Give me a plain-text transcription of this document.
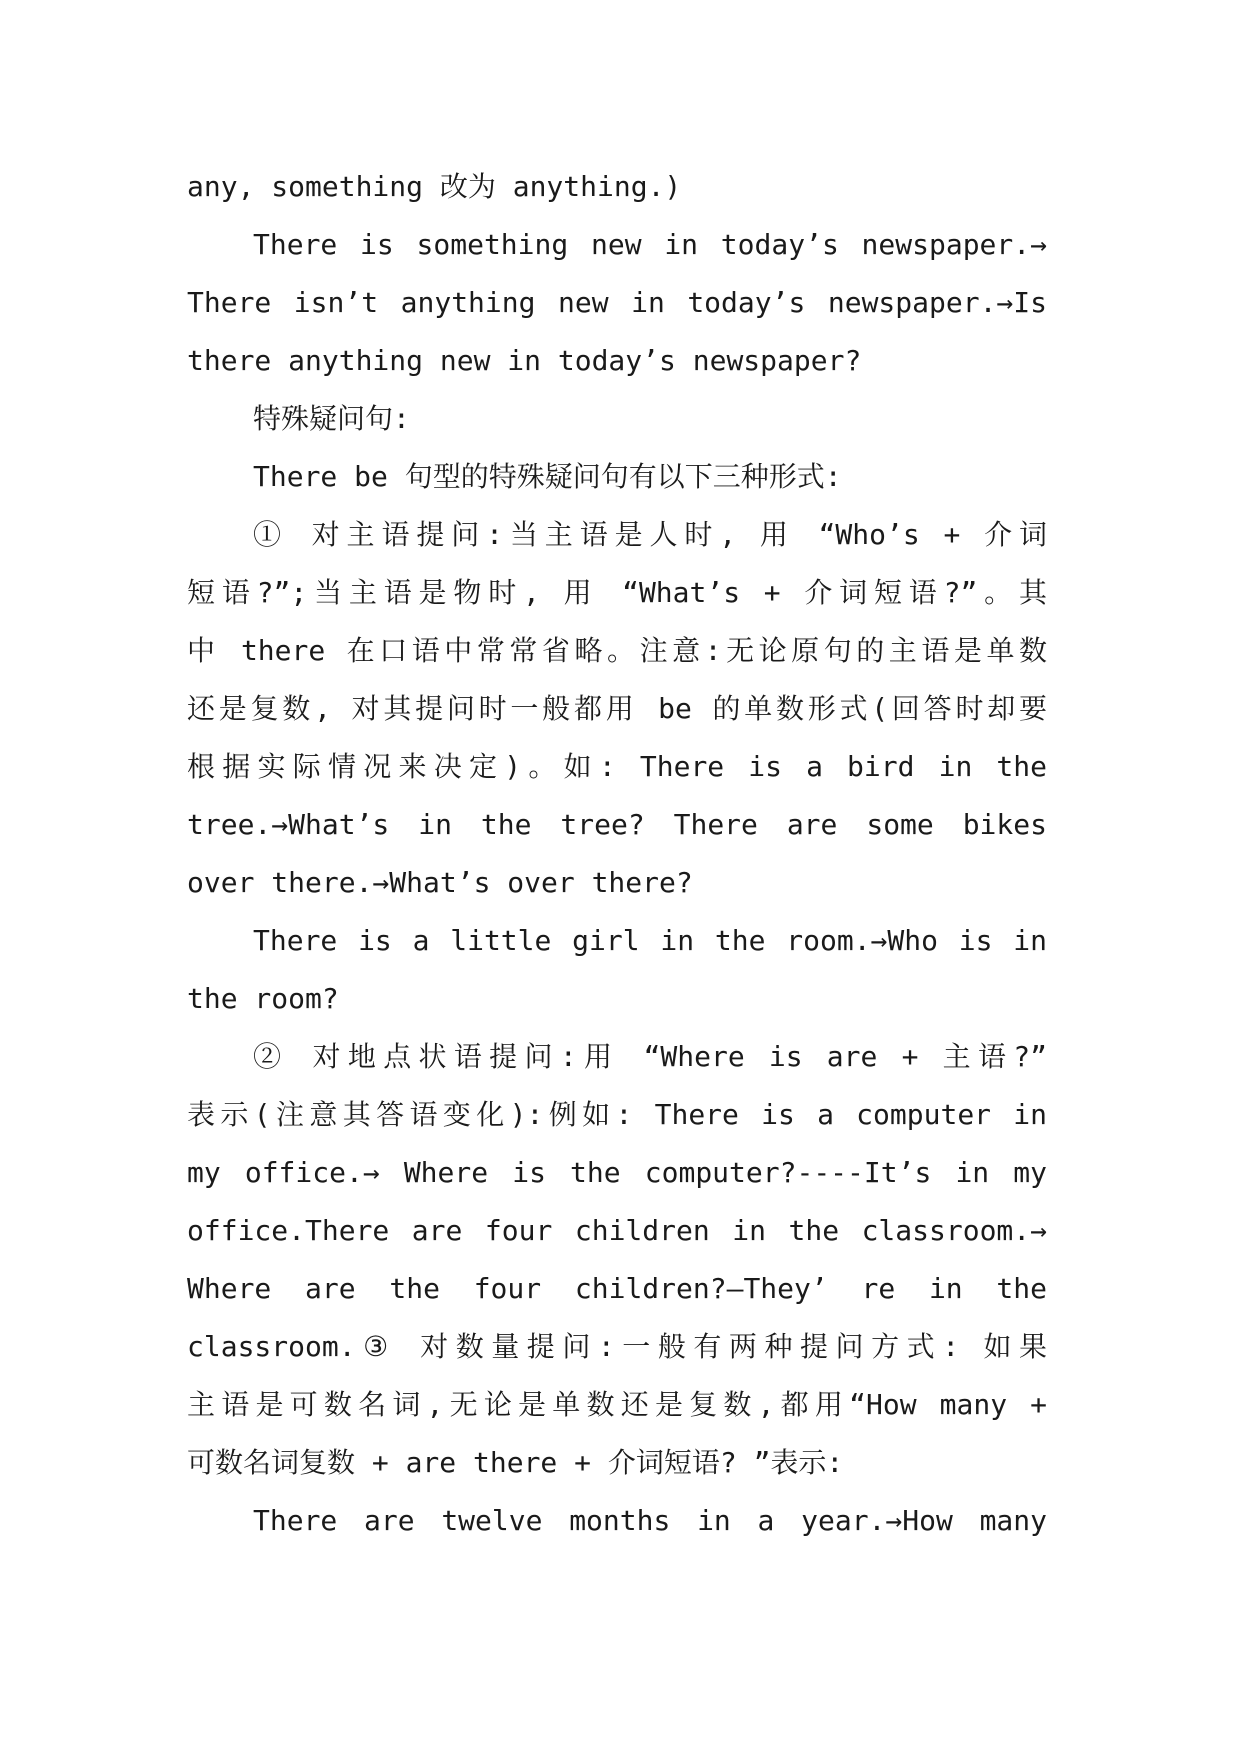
any, something 改为 anything.)
There is something new in today’s newspaper.→
There isn’t anything new in today’s newspaper.→Is
there anything new in today’s newspaper?
特殊疑问句:
There be 句型的特殊疑问句有以下三种形式:
① 对主语提问:当主语是人时, 用 “Who’s + 介词
短语?”;当主语是物时, 用 “What’s + 介词短语?”。其
中 there 在口语中常常省略。注意:无论原句的主语是单数
还是复数, 对其提问时一般都用 be 的单数形式(回答时却要
根据实际情况来决定)。如: There is a bird in the
tree.→What’s in the tree? There are some bikes
over there.→What’s over there?
There is a little girl in the room.→Who is in
the room?
② 对地点状语提问:用 “Where is are + 主语?”
表示(注意其答语变化):例如: There is a computer in
my office.→ Where is the computer?----It’s in my
office.There are four children in the classroom.→
Where are the four children?—They’ re in the
classroom.③ 对数量提问:一般有两种提问方式: 如果
主语是可数名词,无论是单数还是复数,都用“How many +
可数名词复数 + are there + 介词短语? ”表示:
There are twelve months in a year.→How many
